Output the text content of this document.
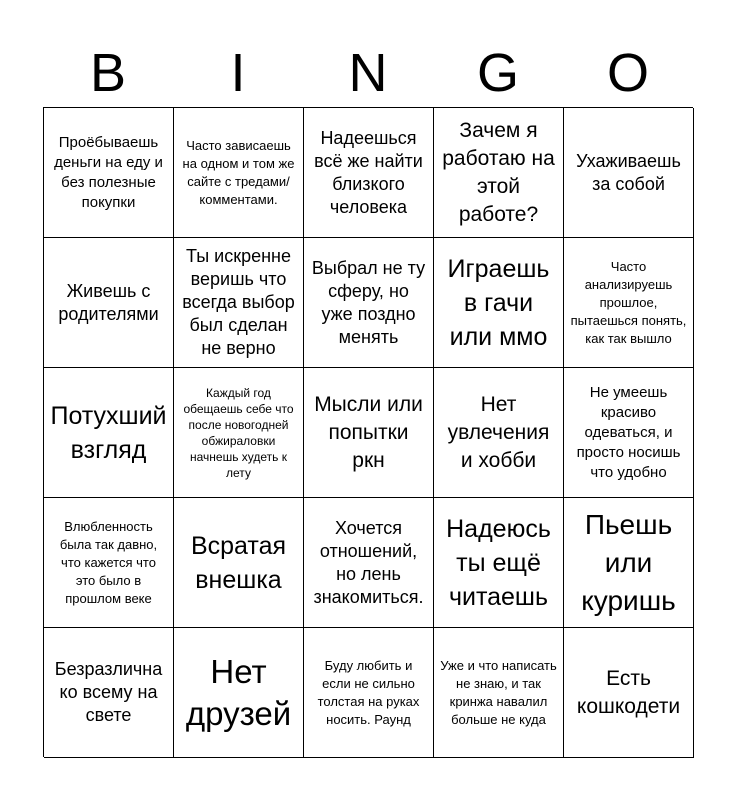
B	I	N	G	O
Проёбываешь деньги на еду и без полезные покупки
Часто зависаешь на одном и том же сайте с тредами/ комментами.
Надеешься всё же найти близкого человека
Зачем я работаю на этой работе?
Ухаживаешь за собой
Живешь с родителями
Ты искренне веришь что всегда выбор был сделан не верно
Выбрал не ту сферу, но уже поздно менять
Играешь в гачи или ммо
Часто анализируешь прошлое, пытаешься понять, как так вышло
Потухший взгляд
Каждый год обещаешь себе что после новогодней обжираловки начнешь худеть к лету
Мысли или попытки ркн
Нет увлечения и хобби
Не умеешь красиво одеваться, и просто носишь что удобно
Влюбленность была так давно, что кажется что это было в прошлом веке
Всратая внешка
Хочется отношений, но лень знакомиться.
Надеюсь ты ещё читаешь
Пьешь или куришь
Безразлична ко всему на свете
Нет друзей
Буду любить и если не сильно толстая на руках носить. Раунд
Уже и что написать не знаю, и так кринжа навалил больше не куда
Есть кошкодети
